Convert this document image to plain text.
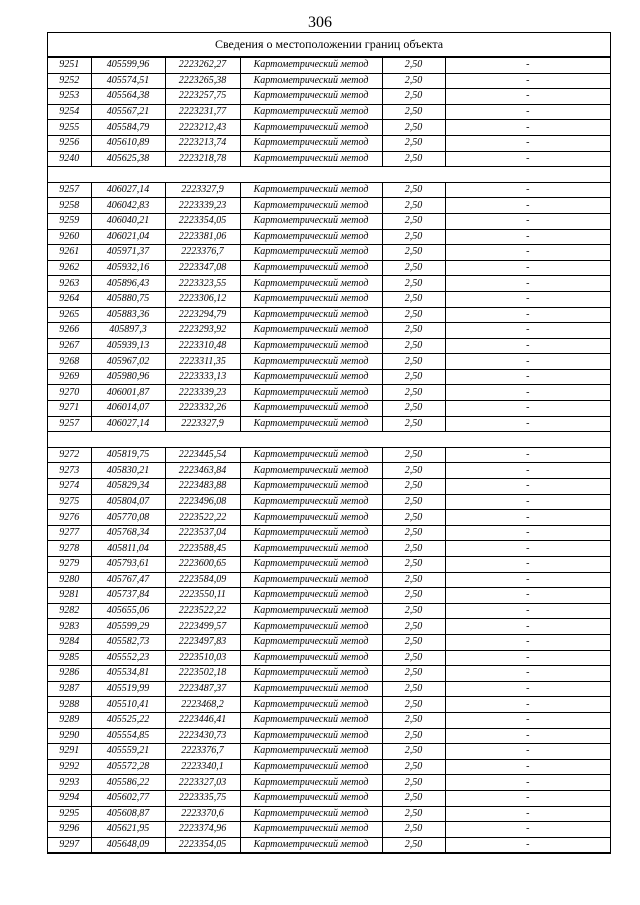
306
Сведения о местоположении границ объекта
9251	405599,96	2223262,27	Картометрический метод	2,50	-
9252	405574,51	2223265,38	Картометрический метод	2,50	-
9253	405564,38	2223257,75	Картометрический метод	2,50	-
9254	405567,21	2223231,77	Картометрический метод	2,50	-
9255	405584,79	2223212,43	Картометрический метод	2,50	-
9256	405610,89	2223213,74	Картометрический метод	2,50	-
9240	405625,38	2223218,78	Картометрический метод	2,50	-

9257	406027,14	2223327,9	Картометрический метод	2,50	-
9258	406042,83	2223339,23	Картометрический метод	2,50	-
9259	406040,21	2223354,05	Картометрический метод	2,50	-
9260	406021,04	2223381,06	Картометрический метод	2,50	-
9261	405971,37	2223376,7	Картометрический метод	2,50	-
9262	405932,16	2223347,08	Картометрический метод	2,50	-
9263	405896,43	2223323,55	Картометрический метод	2,50	-
9264	405880,75	2223306,12	Картометрический метод	2,50	-
9265	405883,36	2223294,79	Картометрический метод	2,50	-
9266	405897,3	2223293,92	Картометрический метод	2,50	-
9267	405939,13	2223310,48	Картометрический метод	2,50	-
9268	405967,02	2223311,35	Картометрический метод	2,50	-
9269	405980,96	2223333,13	Картометрический метод	2,50	-
9270	406001,87	2223339,23	Картометрический метод	2,50	-
9271	406014,07	2223332,26	Картометрический метод	2,50	-
9257	406027,14	2223327,9	Картометрический метод	2,50	-

9272	405819,75	2223445,54	Картометрический метод	2,50	-
9273	405830,21	2223463,84	Картометрический метод	2,50	-
9274	405829,34	2223483,88	Картометрический метод	2,50	-
9275	405804,07	2223496,08	Картометрический метод	2,50	-
9276	405770,08	2223522,22	Картометрический метод	2,50	-
9277	405768,34	2223537,04	Картометрический метод	2,50	-
9278	405811,04	2223588,45	Картометрический метод	2,50	-
9279	405793,61	2223600,65	Картометрический метод	2,50	-
9280	405767,47	2223584,09	Картометрический метод	2,50	-
9281	405737,84	2223550,11	Картометрический метод	2,50	-
9282	405655,06	2223522,22	Картометрический метод	2,50	-
9283	405599,29	2223499,57	Картометрический метод	2,50	-
9284	405582,73	2223497,83	Картометрический метод	2,50	-
9285	405552,23	2223510,03	Картометрический метод	2,50	-
9286	405534,81	2223502,18	Картометрический метод	2,50	-
9287	405519,99	2223487,37	Картометрический метод	2,50	-
9288	405510,41	2223468,2	Картометрический метод	2,50	-
9289	405525,22	2223446,41	Картометрический метод	2,50	-
9290	405554,85	2223430,73	Картометрический метод	2,50	-
9291	405559,21	2223376,7	Картометрический метод	2,50	-
9292	405572,28	2223340,1	Картометрический метод	2,50	-
9293	405586,22	2223327,03	Картометрический метод	2,50	-
9294	405602,77	2223335,75	Картометрический метод	2,50	-
9295	405608,87	2223370,6	Картометрический метод	2,50	-
9296	405621,95	2223374,96	Картометрический метод	2,50	-
9297	405648,09	2223354,05	Картометрический метод	2,50	-
